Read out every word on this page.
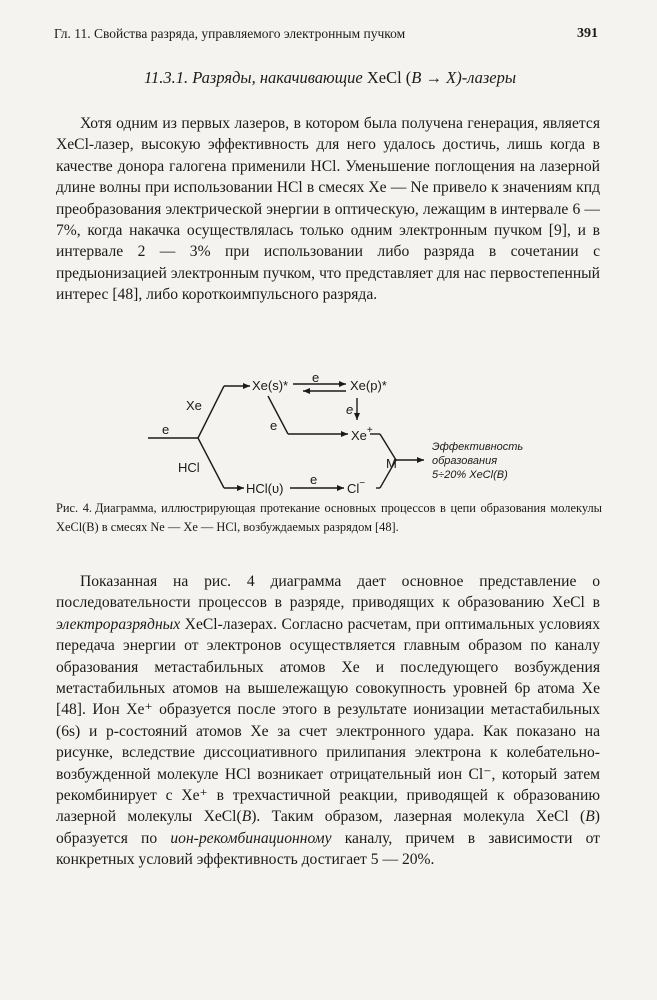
Гл. 11. Свойства разряда, управляемого электронным пучком	391
11.3.1. Разряды, накачивающие XeCl (B → X)-лазеры

Хотя одним из первых лазеров, в котором была получена генерация, является XeCl-лазер, высокую эффективность для него удалось достичь, лишь когда в качестве донора галогена применили HCl. Уменьшение поглощения на лазерной длине волны при использовании HCl в смесях Xe — Ne привело к значениям кпд преобразования электрической энергии в оптическую, лежащим в интервале 6 — 7%, когда накачка осуществлялась только одним электронным пучком [9], и в интервале 2 — 3% при использовании либо разряда в сочетании с предыонизацией электронным пучком, что представляет для нас первостепенный интерес [48], либо короткоимпульсного разряда.

Xe(s)*	Xe(p)*
Xe+
HCl(υ)	Cl−
Xe
HCl
e
e
e
e
e
M
Эффективность
образования
5÷20% XeCl(B)

Рис. 4. Диаграмма, иллюстрирующая протекание основных процессов в цепи образования молекулы XeCl(B) в смесях Ne — Xe — HCl, возбуждаемых разрядом [48].

Показанная на рис. 4 диаграмма дает основное представление о последовательности процессов в разряде, приводящих к образованию XeCl в электроразрядных XeCl-лазерах. Согласно расчетам, при оптимальных условиях передача энергии от электронов осуществляется главным образом по каналу образования метастабильных атомов Xe и последующего возбуждения метастабильных атомов на вышележащую совокупность уровней 6p атома Xe [48]. Ион Xe⁺ образуется после этого в результате ионизации метастабильных (6s) и p-состояний атомов Xe за счет электронного удара. Как показано на рисунке, вследствие диссоциативного прилипания электрона к колебательно-возбужденной молекуле HCl возникает отрицательный ион Cl⁻, который затем рекомбинирует с Xe⁺ в трехчастичной реакции, приводящей к образованию лазерной молекулы XeCl(B). Таким образом, лазерная молекула XeCl (B) образуется по ион-рекомбинационному каналу, причем в зависимости от конкретных условий эффективность достигает 5 — 20%.
